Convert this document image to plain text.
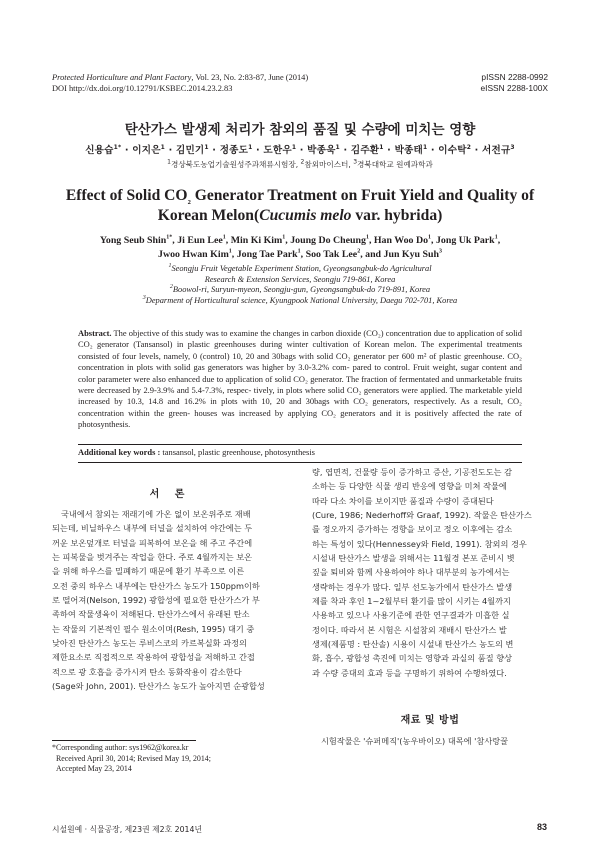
Protected Horticulture and Plant Factory, Vol. 23, No. 2:83-87, June (2014)
DOI http://dx.doi.org/10.12791/KSBEC.2014.23.2.83
pISSN 2288-0992
eISSN 2288-100X
탄산가스 발생제 처리가 참외의 품질 및 수량에 미치는 영향
신용습$^{1*}$ · 이지은$^1$ · 김민기$^1$ · 정종도$^1$ · 도한우$^1$ · 박종욱$^1$ · 김주환$^1$ · 박종태$^1$ · 이수탁$^2$ · 서전규$^3$
$^1$경상북도농업기술원성주과채류시험장, $^2$참외마이스터, $^3$경북대학교 원예과학과
Effect of Solid $CO_2$ Generator Treatment on Fruit Yield and Quality of
Korean Melon(Cucumis melo var. hybrida)
Yong Seub Shin$^{1*}$, Ji Eun Lee$^1$, Min Ki Kim$^1$, Joung Do Cheung$^1$, Han Woo Do$^1$, Jong Uk Park$^1$,
Jwoo Hwan Kim$^1$, Jong Tae Park$^1$, Soo Tak Lee$^2$, and Jun Kyu Suh$^3$
$^1$Seongju Fruit Vegetable Experiment Station, Gyeongsangbuk-do Agricultural
Research & Extension Services, Seongju 719-861, Korea
$^2$Boowol-ri, Suryun-myeon, Seongju-gun, Gyeongsangbuk-do 719-891, Korea
$^3$Deparment of Horticultural science, Kyungpook National University, Daegu 702-701, Korea
Abstract. The objective of this study was to examine the changes in carbon dioxide (CO₂) concentration due to application of solid CO₂ generator (Tansansol) in plastic greenhouses during winter cultivation of Korean melon. The experimental treatments consisted of four levels, namely, 0 (control) 10, 20 and 30bags with solid CO₂ generator per 600 m² of plastic greenhouse. CO₂ concentration in plots with solid gas generators was higher by 3.0-3.2% com- pared to control. Fruit weight, sugar content and color parameter were also enhanced due to application of solid CO₂ generator. The fraction of fermentated and unmarketable fruits were decreased by 2.9-3.9% and 5.4-7.3%, respec- tively, in plots where solid CO₂ generators were applied. The marketable yield increased by 10.3, 14.8 and 16.2% in plots with 10, 20 and 30bags with CO₂ generators, respectively. As a result, CO₂ concentration within the green- houses was increased by applying CO₂ generators and it is positively affected the rate of photosynthesis.
Additional key words : tansansol, plastic greenhouse, photosynthesis
서 론
국내에서 참외는 재래기에 가온 없이 보온위주로 재배
되는데, 비닐하우스 내부에 터널을 설치하여 야간에는 두
꺼운 보온덮개로 터널을 피복하여 보온을 해 주고 주간에
는 피복물을 벗겨주는 작업을 한다. 주로 4월까지는 보온
을 위해 하우스를 밀폐하기 때문에 환기 부족으로 이른
오전 중의 하우스 내부에는 탄산가스 농도가 150ppm이하
로 떨어져(Nelson, 1992) 광합성에 필요한 탄산가스가 부
족하여 작물생육이 저해된다. 탄산가스에서 유래된 탄소
는 작물의 기본적인 필수 원소이며(Resh, 1995) 대기 중
낮아진 탄산가스 농도는 루비스코의 카르복실화 과정의
제한요소로 직접적으로 작용하여 광합성을 저해하고 간접
적으로 광 호흡을 증가시켜 탄소 동화작용이 감소한다
(Sage와 John, 2001). 탄산가스 농도가 높아지면 순광합성
량, 엽면적, 건물량 등이 증가하고 증산, 기공전도도는 감
소하는 등 다양한 식물 생리 반응에 영향을 미쳐 작물에
따라 다소 차이를 보이지만 품질과 수량이 증대된다
(Cure, 1986; Nederhoff와 Graaf, 1992). 작물은 탄산가스
를 정오까지 증가하는 경향을 보이고 정오 이후에는 감소
하는 특성이 있다(Hennessey와 Field, 1991). 참외의 경우
시설내 탄산가스 발생을 위해서는 11월경 본포 준비시 볏
짚을 퇴비와 함께 사용하여야 하나 대부분의 농가에서는
생략하는 경우가 많다. 일부 선도농가에서 탄산가스 발생
제를 착과 후인 1~2월부터 환기를 많이 시키는 4월까지
사용하고 있으나 사용기준에 관한 연구결과가 미흡한 실
정이다. 따라서 본 시험은 시설참외 재배시 탄산가스 발
생제(제품명 : 탄산솔) 시용이 시설내 탄산가스 농도의 변
화, 흡수, 광합성 촉진에 미치는 영향과 과실의 품질 향상
과 수량 증대의 효과 등을 구명하기 위하여 수행하였다.
재료 및 방법
시험작물은 '슈퍼메직'(농우바이오) 대목에 '참사랑꿀
*Corresponding author: sys1962@korea.kr
Received April 30, 2014; Revised May 19, 2014;
Accepted May 23, 2014
시설원예 · 식물공장, 제23권 제2호 2014년	83
